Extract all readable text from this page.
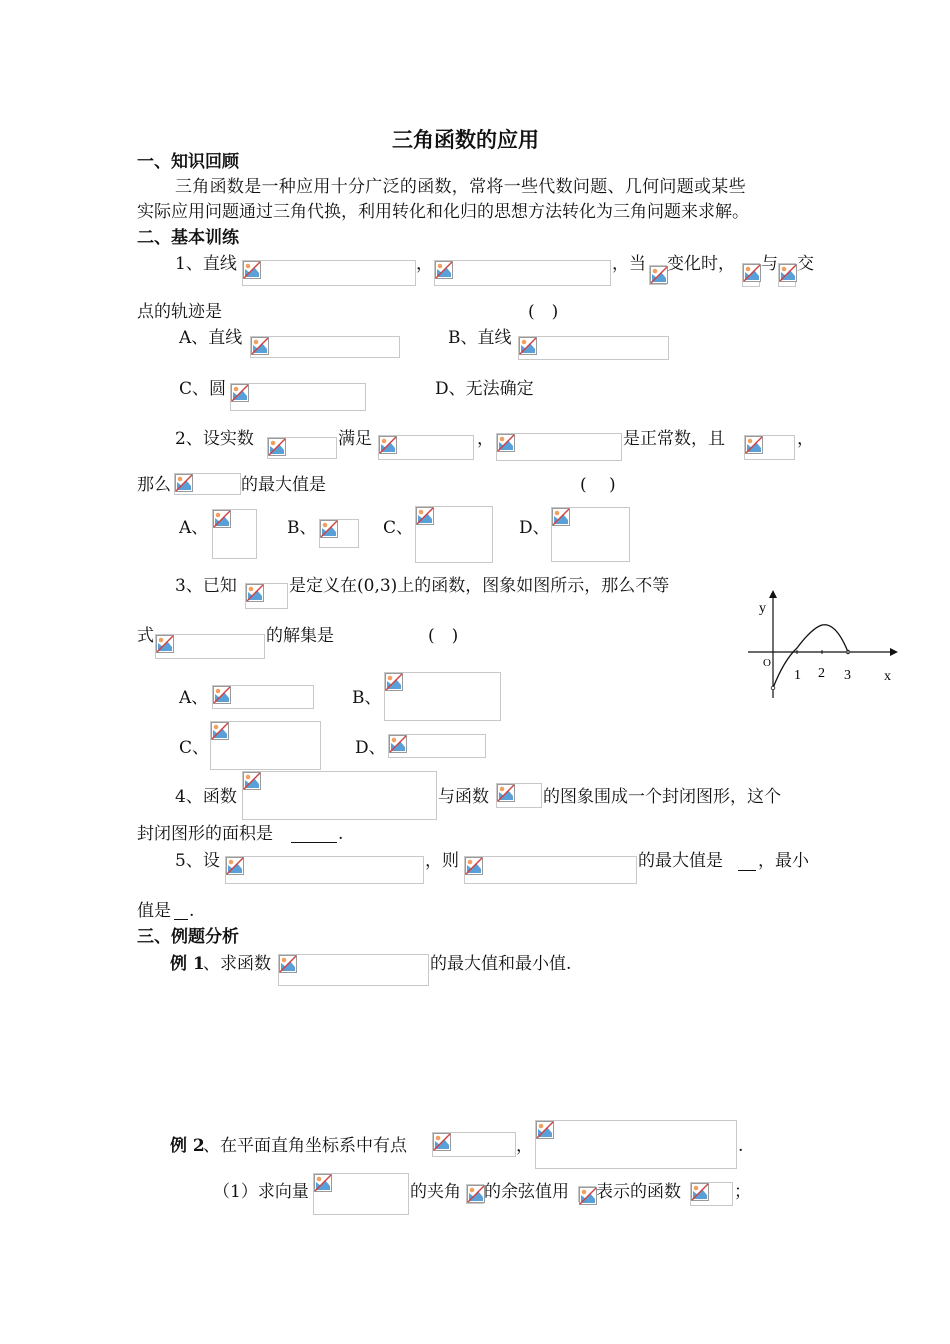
三角函数的应用
一、知识回顾
三角函数是一种应用十分广泛的函数，常将一些代数问题、几何问题或某些
实际应用问题通过三角代换，利用转化和化归的思想方法转化为三角问题来求解。
二、基本训练
1、直线	，	，当 变化时， 与 交
点的轨迹是	(　)
A、直线	B、直线
C、圆	D、无法确定
2、设实数	满足	，	是正常数，且	，
那么	的最大值是	(　 )
A、	B、	C、	D、
3、已知	是定义在(0,3)上的函数，图象如图所示，那么不等
式	的解集是	(　)
y
x
O
1 2 3
A、	B、
C、	D、
4、函数	与函数	的图象围成一个封闭图形，这个
封闭图形的面积是	.
5、设	，则	的最大值是 ，最小
值是 .
三、例题分析
例 1
、求函数	的最大值和最小值.
例 2
、在平面直角坐标系中有点	，	.
（1）求向量	的夹角 的余弦值用 表示的函数	；
